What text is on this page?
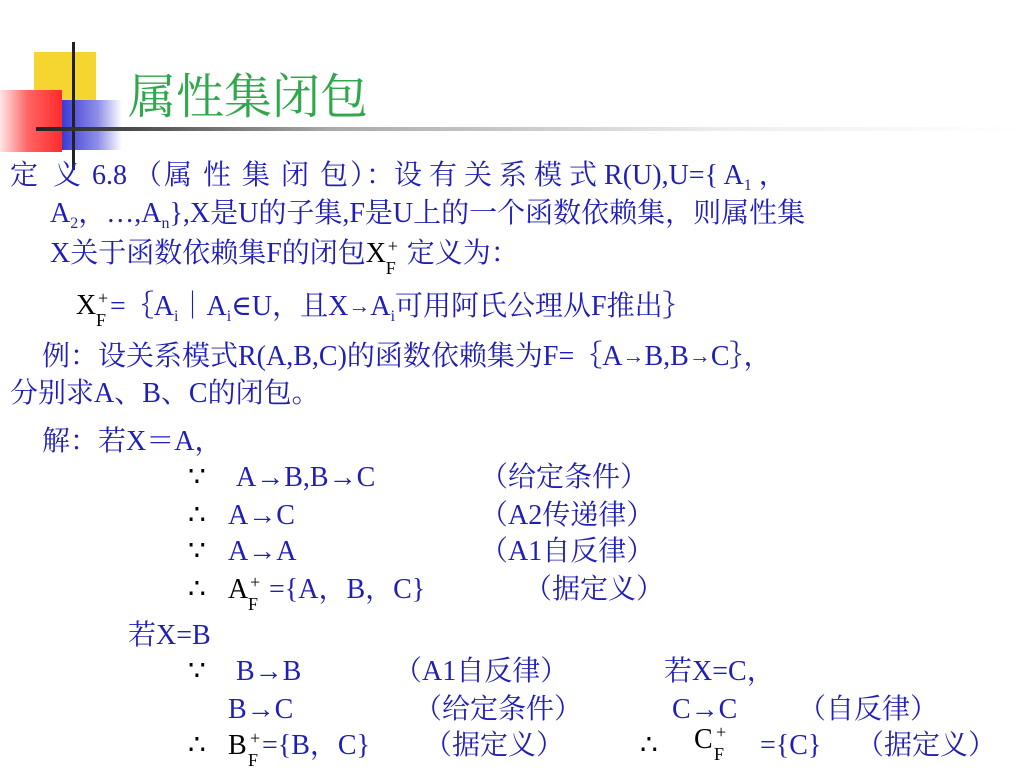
属性集闭包
定 义 6.8 （属 性 集 闭 包）：设 有 关 系 模 式 R(U),U={ $A_1$ ，
$A_2$，$\dots,A_n\},X$是U的子集,F是U上的一个函数依赖集，则属性集
X关于函数依赖集F的闭包 X +
F 定义为：
X +
$F =\{A_i|A_i\in U$，且$X\to A_i$可用阿氏公理从F推出｝
例：设关系模式R(A,B,C)的函数依赖集为F=｛A→B,B→C｝，
分别求A、B、C的闭包。
解：若X＝A，
∵ A→B,B→C	（给定条件）
∴ A→C	（A2传递律）
∵ A→A	（A1自反律）
∴ A +
F ={A，B，C}	（据定义）
若X=B
∵ B→B	（A1自反律）	若X=C，
B→C	（给定条件）	C→C （自反律）
∴ B +
F ={B，C} （据定义）	∴ C +
F ={C} （据定义）
